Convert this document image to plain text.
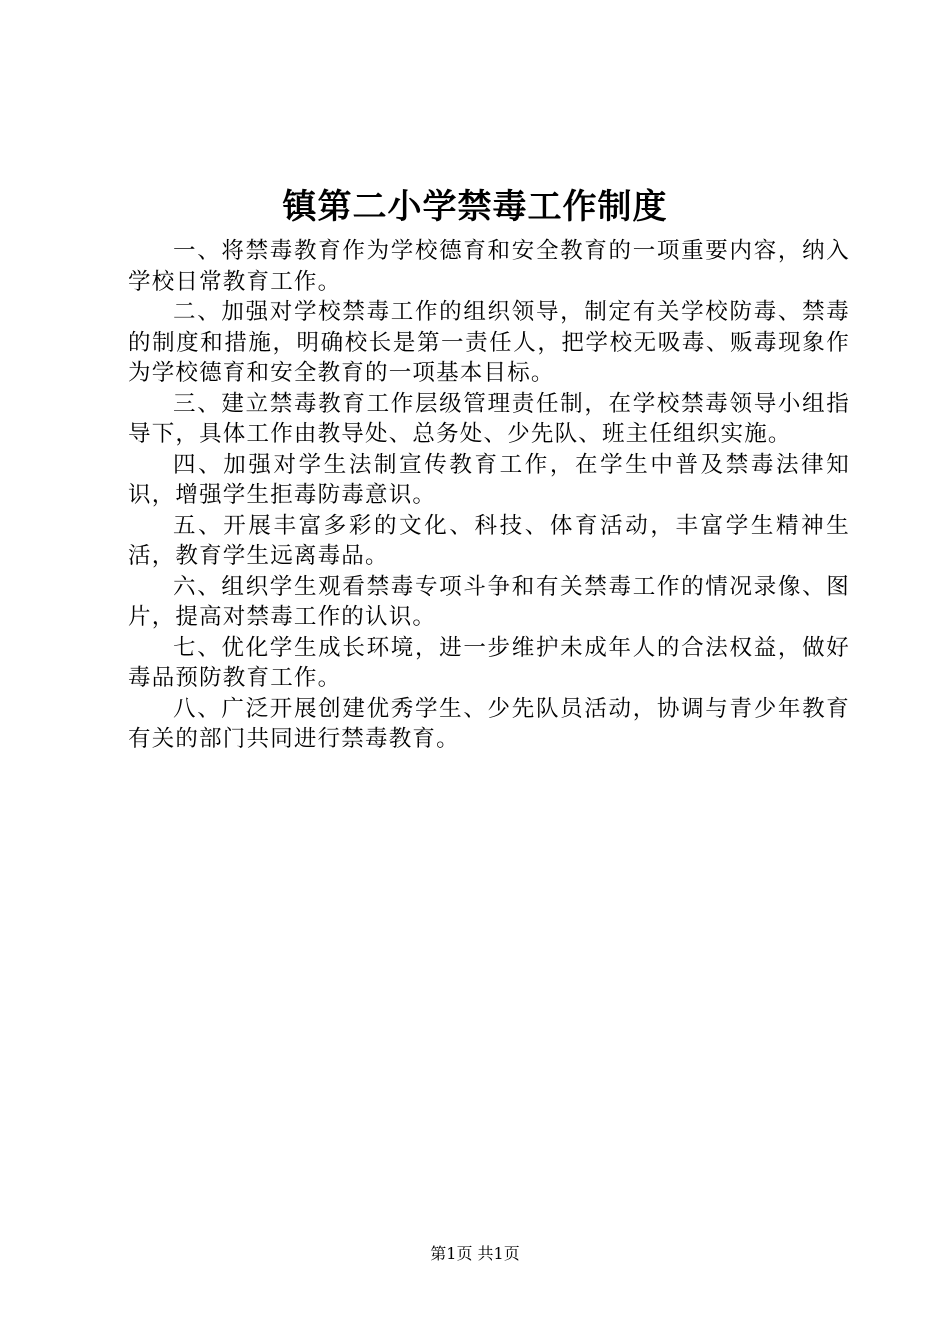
镇第二小学禁毒工作制度

一、将禁毒教育作为学校德育和安全教育的一项重要内容，纳入学校日常教育工作。

二、加强对学校禁毒工作的组织领导，制定有关学校防毒、禁毒的制度和措施，明确校长是第一责任人，把学校无吸毒、贩毒现象作为学校德育和安全教育的一项基本目标。

三、建立禁毒教育工作层级管理责任制，在学校禁毒领导小组指导下，具体工作由教导处、总务处、少先队、班主任组织实施。

四、加强对学生法制宣传教育工作，在学生中普及禁毒法律知识，增强学生拒毒防毒意识。

五、开展丰富多彩的文化、科技、体育活动，丰富学生精神生活，教育学生远离毒品。

六、组织学生观看禁毒专项斗争和有关禁毒工作的情况录像、图片，提高对禁毒工作的认识。

七、优化学生成长环境，进一步维护未成年人的合法权益，做好毒品预防教育工作。

八、广泛开展创建优秀学生、少先队员活动，协调与青少年教育有关的部门共同进行禁毒教育。

第1页 共1页
